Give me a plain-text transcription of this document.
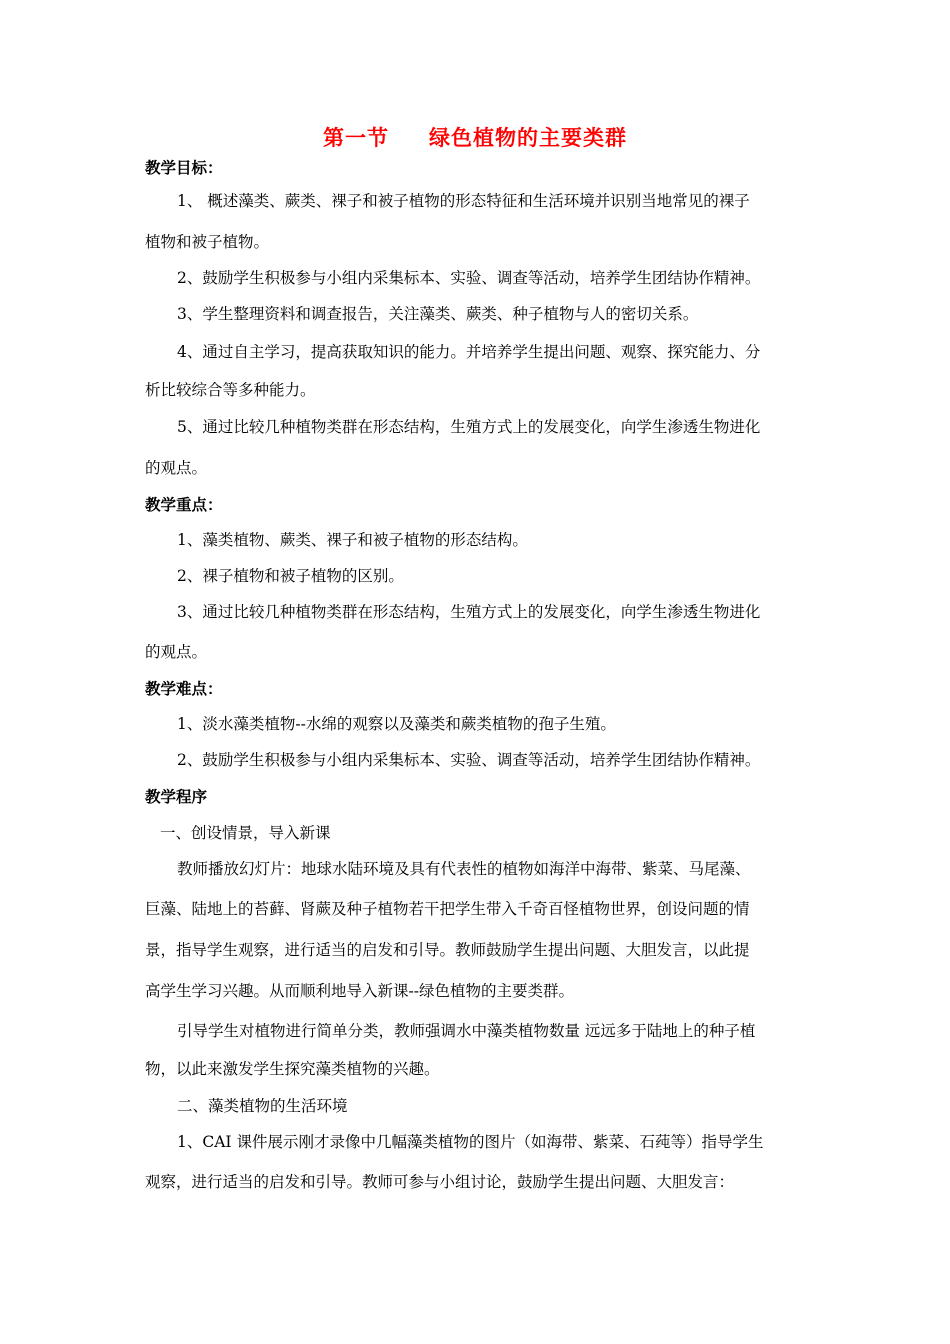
第一节 绿色植物的主要类群
教学目标：
1、 概述藻类、蕨类、裸子和被子植物的形态特征和生活环境并识别当地常见的裸子
植物和被子植物。
2、鼓励学生积极参与小组内采集标本、实验、调查等活动，培养学生团结协作精神。
3、学生整理资料和调查报告，关注藻类、蕨类、种子植物与人的密切关系。
4、通过自主学习，提高获取知识的能力。并培养学生提出问题、观察、探究能力、分
析比较综合等多种能力。
5、通过比较几种植物类群在形态结构，生殖方式上的发展变化，向学生渗透生物进化
的观点。
教学重点：
1、藻类植物、蕨类、裸子和被子植物的形态结构。
2、裸子植物和被子植物的区别。
3、通过比较几种植物类群在形态结构，生殖方式上的发展变化，向学生渗透生物进化
的观点。
教学难点：
1、淡水藻类植物--水绵的观察以及藻类和蕨类植物的孢子生殖。
2、鼓励学生积极参与小组内采集标本、实验、调查等活动，培养学生团结协作精神。
教学程序
一、创设情景，导入新课
教师播放幻灯片：地球水陆环境及具有代表性的植物如海洋中海带、紫菜、马尾藻、
巨藻、陆地上的苔藓、肾蕨及种子植物若干把学生带入千奇百怪植物世界，创设问题的情
景，指导学生观察，进行适当的启发和引导。教师鼓励学生提出问题、大胆发言，以此提
高学生学习兴趣。从而顺利地导入新课--绿色植物的主要类群。
引导学生对植物进行简单分类，教师强调水中藻类植物数量 远远多于陆地上的种子植
物，以此来激发学生探究藻类植物的兴趣。
二、藻类植物的生活环境
1、CAI 课件展示刚才录像中几幅藻类植物的图片（如海带、紫菜、石莼等）指导学生
观察，进行适当的启发和引导。教师可参与小组讨论，鼓励学生提出问题、大胆发言：
